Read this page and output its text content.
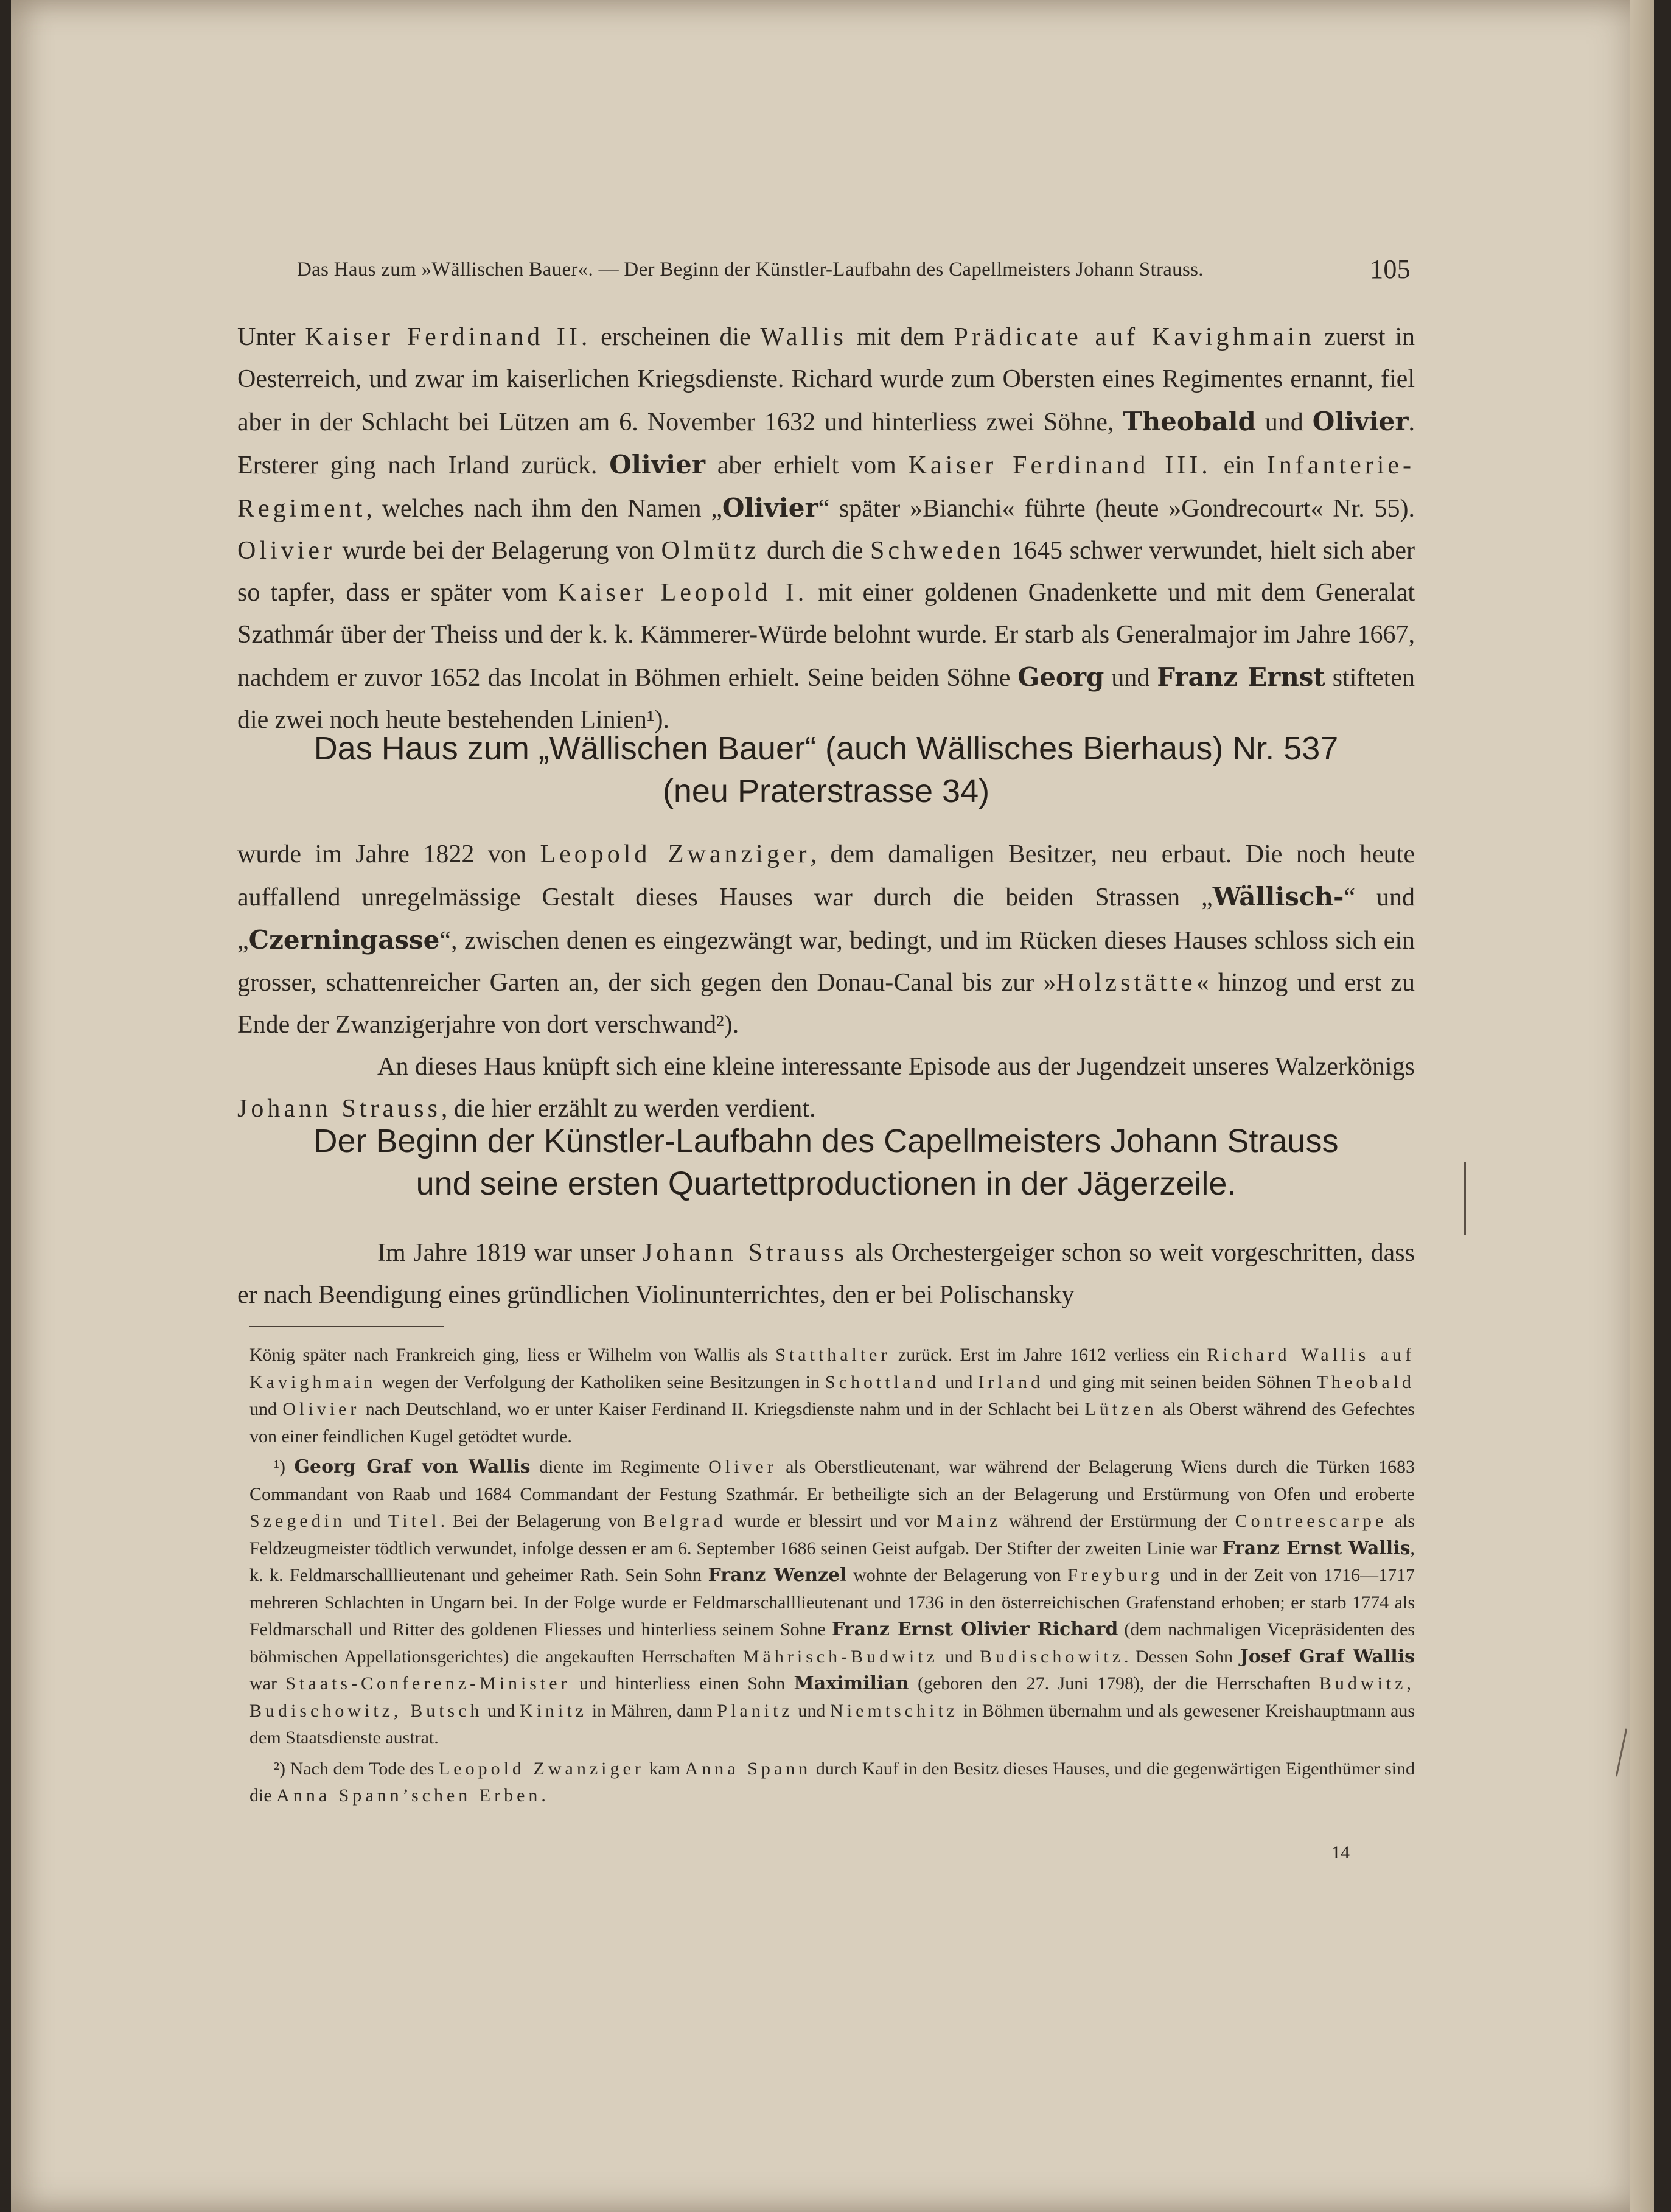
Das Haus zum »Wällischen Bauer«. — Der Beginn der Künstler-Laufbahn des Capellmeisters Johann Strauss.	105
Unter Kaiser Ferdinand II. erscheinen die Wallis mit dem Prädicate auf Kavighmain zuerst in Oesterreich, und zwar im kaiserlichen Kriegsdienste. Richard wurde zum Obersten eines Regimentes ernannt, fiel aber in der Schlacht bei Lützen am 6. November 1632 und hinterliess zwei Söhne, Theobald und Olivier. Ersterer ging nach Irland zurück. Olivier aber erhielt vom Kaiser Ferdinand III. ein Infanterie-Regiment, welches nach ihm den Namen „Olivier“ später »Bianchi« führte (heute »Gondrecourt« Nr. 55). Olivier wurde bei der Belagerung von Olmütz durch die Schweden 1645 schwer verwundet, hielt sich aber so tapfer, dass er später vom Kaiser Leopold I. mit einer goldenen Gnadenkette und mit dem Generalat Szathmár über der Theiss und der k. k. Kämmerer-Würde belohnt wurde. Er starb als Generalmajor im Jahre 1667, nachdem er zuvor 1652 das Incolat in Böhmen erhielt. Seine beiden Söhne Georg und Franz Ernst stifteten die zwei noch heute bestehenden Linien¹).
Das Haus zum „Wällischen Bauer“ (auch Wällisches Bierhaus) Nr. 537
(neu Praterstrasse 34)
wurde im Jahre 1822 von Leopold Zwanziger, dem damaligen Besitzer, neu erbaut. Die noch heute auffallend unregelmässige Gestalt dieses Hauses war durch die beiden Strassen „Wällisch-“ und „Czerningasse“, zwischen denen es eingezwängt war, bedingt, und im Rücken dieses Hauses schloss sich ein grosser, schattenreicher Garten an, der sich gegen den Donau-Canal bis zur »Holzstätte« hinzog und erst zu Ende der Zwanzigerjahre von dort verschwand²).
An dieses Haus knüpft sich eine kleine interessante Episode aus der Jugendzeit unseres Walzerkönigs Johann Strauss, die hier erzählt zu werden verdient.
Der Beginn der Künstler-Laufbahn des Capellmeisters Johann Strauss
und seine ersten Quartettproductionen in der Jägerzeile.
Im Jahre 1819 war unser Johann Strauss als Orchestergeiger schon so weit vorgeschritten, dass er nach Beendigung eines gründlichen Violinunterrichtes, den er bei Polischansky

König später nach Frankreich ging, liess er Wilhelm von Wallis als Statthalter zurück. Erst im Jahre 1612 verliess ein Richard Wallis auf Kavighmain wegen der Verfolgung der Katholiken seine Besitzungen in Schottland und Irland und ging mit seinen beiden Söhnen Theobald und Olivier nach Deutschland, wo er unter Kaiser Ferdinand II. Kriegsdienste nahm und in der Schlacht bei Lützen als Oberst während des Gefechtes von einer feindlichen Kugel getödtet wurde.

¹) Georg Graf von Wallis diente im Regimente Oliver als Oberstlieutenant, war während der Belagerung Wiens durch die Türken 1683 Commandant von Raab und 1684 Commandant der Festung Szathmár. Er betheiligte sich an der Belagerung und Erstürmung von Ofen und eroberte Szegedin und Titel. Bei der Belagerung von Belgrad wurde er blessirt und vor Mainz während der Erstürmung der Contreescarpe als Feldzeugmeister tödtlich verwundet, infolge dessen er am 6. September 1686 seinen Geist aufgab. Der Stifter der zweiten Linie war Franz Ernst Wallis, k. k. Feldmarschalllieutenant und geheimer Rath. Sein Sohn Franz Wenzel wohnte der Belagerung von Freyburg und in der Zeit von 1716—1717 mehreren Schlachten in Ungarn bei. In der Folge wurde er Feldmarschalllieutenant und 1736 in den österreichischen Grafenstand erhoben; er starb 1774 als Feldmarschall und Ritter des goldenen Fliesses und hinterliess seinem Sohne Franz Ernst Olivier Richard (dem nachmaligen Vicepräsidenten des böhmischen Appellationsgerichtes) die angekauften Herrschaften Mährisch-Budwitz und Budischowitz. Dessen Sohn Josef Graf Wallis war Staats-Conferenz-Minister und hinterliess einen Sohn Maximilian (geboren den 27. Juni 1798), der die Herrschaften Budwitz, Budischowitz, Butsch und Kinitz in Mähren, dann Planitz und Niemtschitz in Böhmen übernahm und als gewesener Kreishauptmann aus dem Staatsdienste austrat.

²) Nach dem Tode des Leopold Zwanziger kam Anna Spann durch Kauf in den Besitz dieses Hauses, und die gegenwärtigen Eigenthümer sind die Anna Spann’schen Erben.

14
